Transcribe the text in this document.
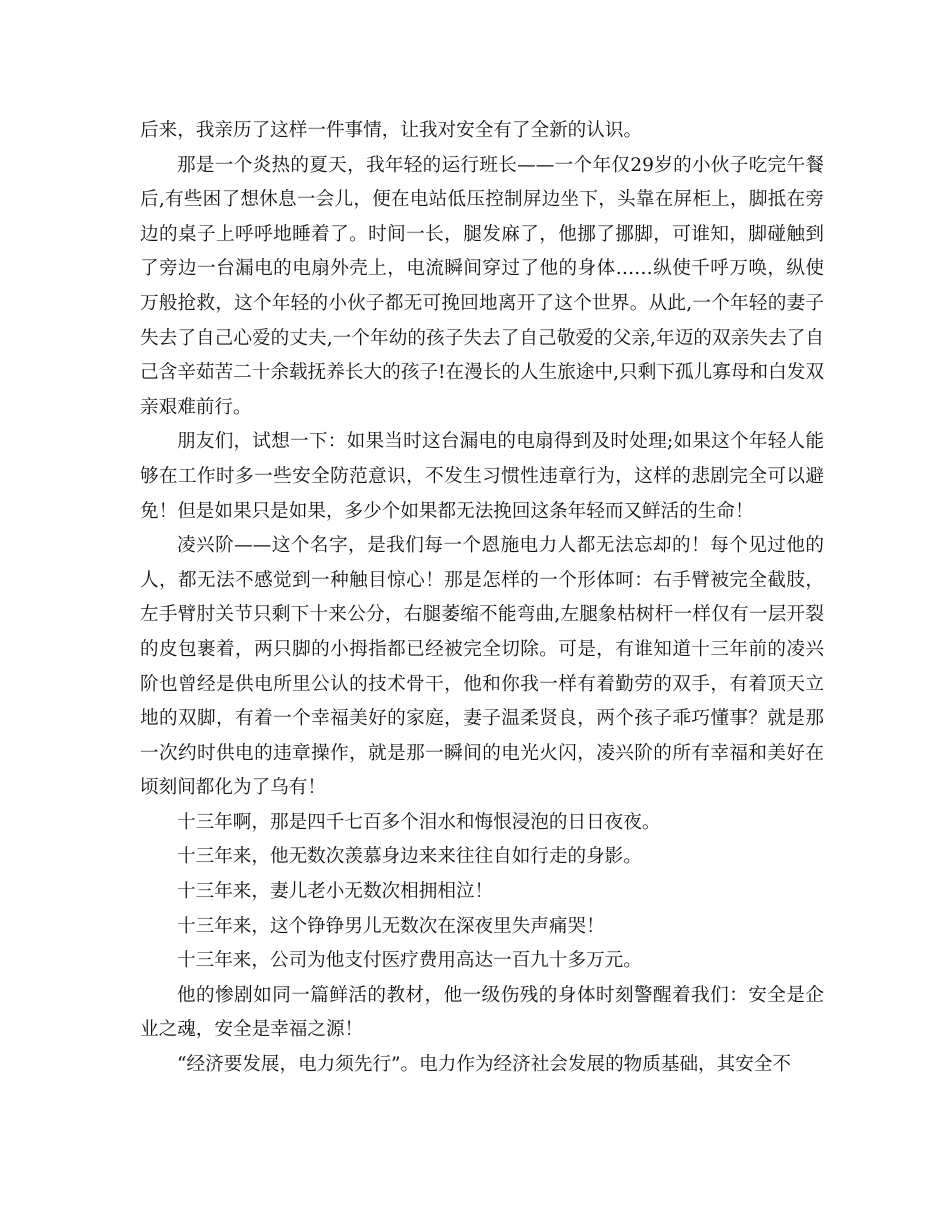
后来，我亲历了这样一件事情，让我对安全有了全新的认识。

那是一个炎热的夏天，我年轻的运行班长——一个年仅29岁的小伙子吃完午餐后,有些困了想休息一会儿，便在电站低压控制屏边坐下，头靠在屏柜上，脚抵在旁边的桌子上呼呼地睡着了。时间一长，腿发麻了，他挪了挪脚，可谁知，脚碰触到了旁边一台漏电的电扇外壳上，电流瞬间穿过了他的身体……纵使千呼万唤，纵使万般抢救，这个年轻的小伙子都无可挽回地离开了这个世界。从此,一个年轻的妻子失去了自己心爱的丈夫,一个年幼的孩子失去了自己敬爱的父亲,年迈的双亲失去了自己含辛茹苦二十余载抚养长大的孩子!在漫长的人生旅途中,只剩下孤儿寡母和白发双亲艰难前行。

朋友们，试想一下：如果当时这台漏电的电扇得到及时处理;如果这个年轻人能够在工作时多一些安全防范意识，不发生习惯性违章行为，这样的悲剧完全可以避免！但是如果只是如果，多少个如果都无法挽回这条年轻而又鲜活的生命！

凌兴阶——这个名字，是我们每一个恩施电力人都无法忘却的！每个见过他的人，都无法不感觉到一种触目惊心！那是怎样的一个形体呵：右手臂被完全截肢，左手臂肘关节只剩下十来公分，右腿萎缩不能弯曲,左腿象枯树杆一样仅有一层开裂的皮包裹着，两只脚的小拇指都已经被完全切除。可是，有谁知道十三年前的凌兴阶也曾经是供电所里公认的技术骨干，他和你我一样有着勤劳的双手，有着顶天立地的双脚，有着一个幸福美好的家庭，妻子温柔贤良，两个孩子乖巧懂事？就是那一次约时供电的违章操作，就是那一瞬间的电光火闪，凌兴阶的所有幸福和美好在顷刻间都化为了乌有！

十三年啊，那是四千七百多个泪水和悔恨浸泡的日日夜夜。

十三年来，他无数次羡慕身边来来往往自如行走的身影。

十三年来，妻儿老小无数次相拥相泣！

十三年来，这个铮铮男儿无数次在深夜里失声痛哭！

十三年来，公司为他支付医疗费用高达一百九十多万元。

他的惨剧如同一篇鲜活的教材，他一级伤残的身体时刻警醒着我们：安全是企业之魂，安全是幸福之源！

“经济要发展，电力须先行”。电力作为经济社会发展的物质基础，其安全不
